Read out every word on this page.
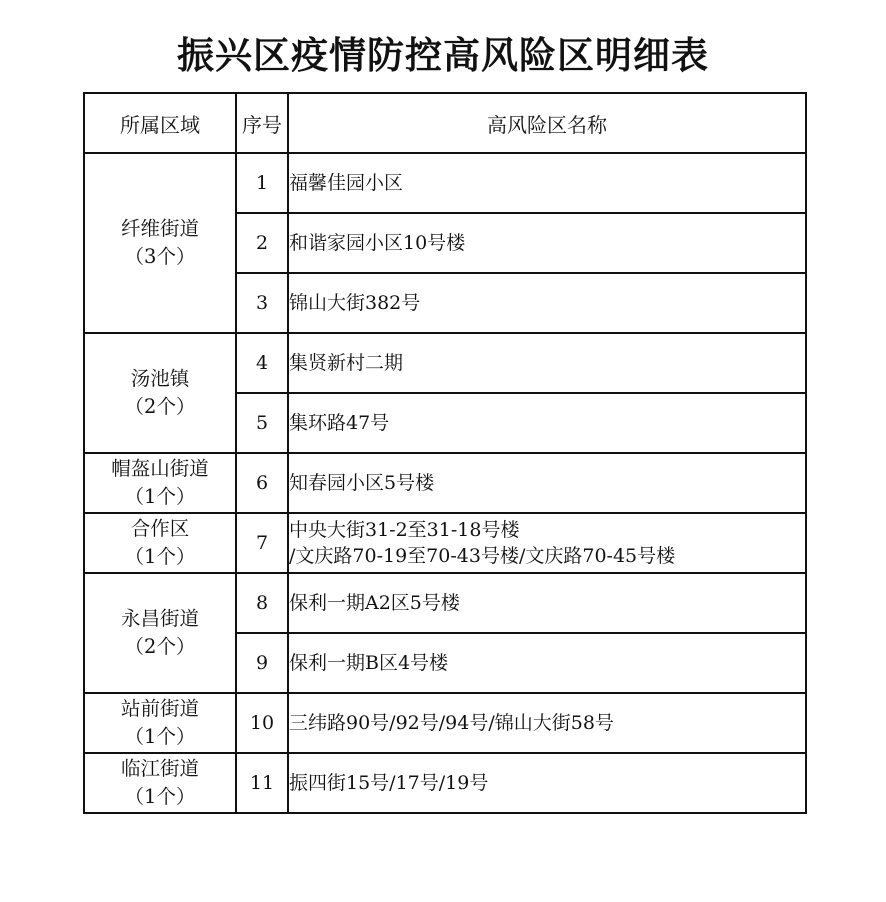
振兴区疫情防控高风险区明细表
所属区域	序号	高风险区名称
纤维街道
（3个）	1	福馨佳园小区

	2	和谐家园小区10号楼

	3	锦山大街382号

汤池镇
（2个）	4	集贤新村二期

	5	集环路47号

帽盔山街道
（1个）	6	知春园小区5号楼

合作区
（1个）	7	中央大街31-2至31-18号楼
/文庆路70-19至70-43号楼/文庆路70-45号楼

永昌街道
（2个）	8	保利一期A2区5号楼

	9	保利一期B区4号楼

站前街道
（1个）	10	三纬路90号/92号/94号/锦山大街58号

临江街道
（1个）	11	振四街15号/17号/19号
